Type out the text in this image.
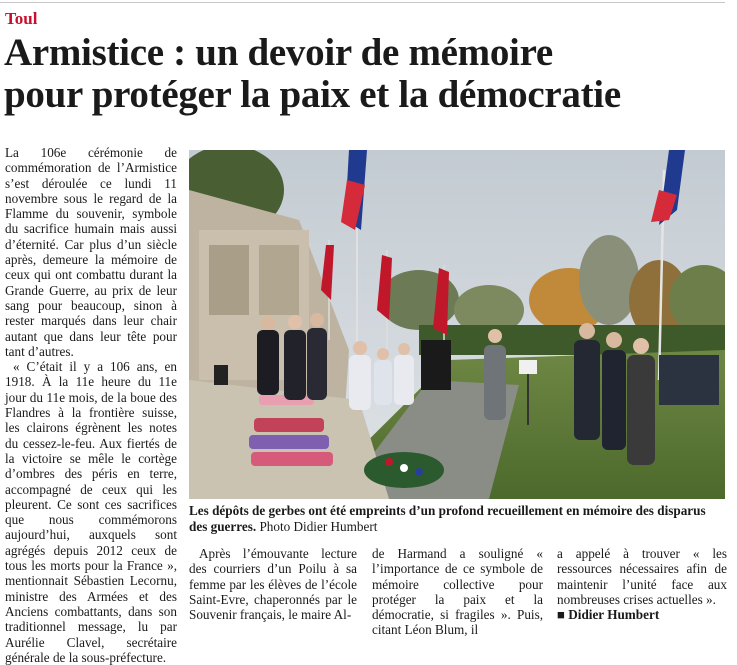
Toul
Armistice : un devoir de mémoire
pour protéger la paix et la démocratie

La 106e cérémonie de commémoration de l’Armistice s’est déroulée ce lundi 11 novembre sous le regard de la Flamme du souvenir, symbole du sacrifice humain mais aussi d’éternité. Car plus d’un siècle après, demeure la mémoire de ceux qui ont combattu durant la Grande Guerre, au prix de leur sang pour beaucoup, sinon à rester marqués dans leur chair autant que dans leur tête pour tant d’autres.

« C’était il y a 106 ans, en 1918. À la 11e heure du 11e jour du 11e mois, de la boue des Flandres à la frontière suisse, les clairons égrènent les notes du cessez-le-feu. Aux fiertés de la victoire se mêle le cortège d’ombres des péris en terre, accompagné de ceux qui les pleurent. Ce sont ces sacrifices que nous commémorons aujourd’hui, auxquels sont agrégés depuis 2012 ceux de tous les morts pour la France », mentionnait Sébastien Lecornu, ministre des Armées et des Anciens combattants, dans son traditionnel message, lu par Aurélie Clavel, secrétaire générale de la sous-préfecture.

Les dépôts de gerbes ont été empreints d’un profond recueillement en mémoire des disparus des guerres. Photo Didier Humbert

Après l’émouvante lecture des courriers d’un Poilu à sa femme par les élèves de l’école Saint-Evre, chaperonnés par le Souvenir français, le maire Al-

de Harmand a souligné « l’importance de ce symbole de mémoire collective pour protéger la paix et la démocratie, si fragiles ». Puis, citant Léon Blum, il

a appelé à trouver « les ressources nécessaires afin de maintenir l’unité face aux nombreuses crises actuelles ».

■ Didier Humbert
